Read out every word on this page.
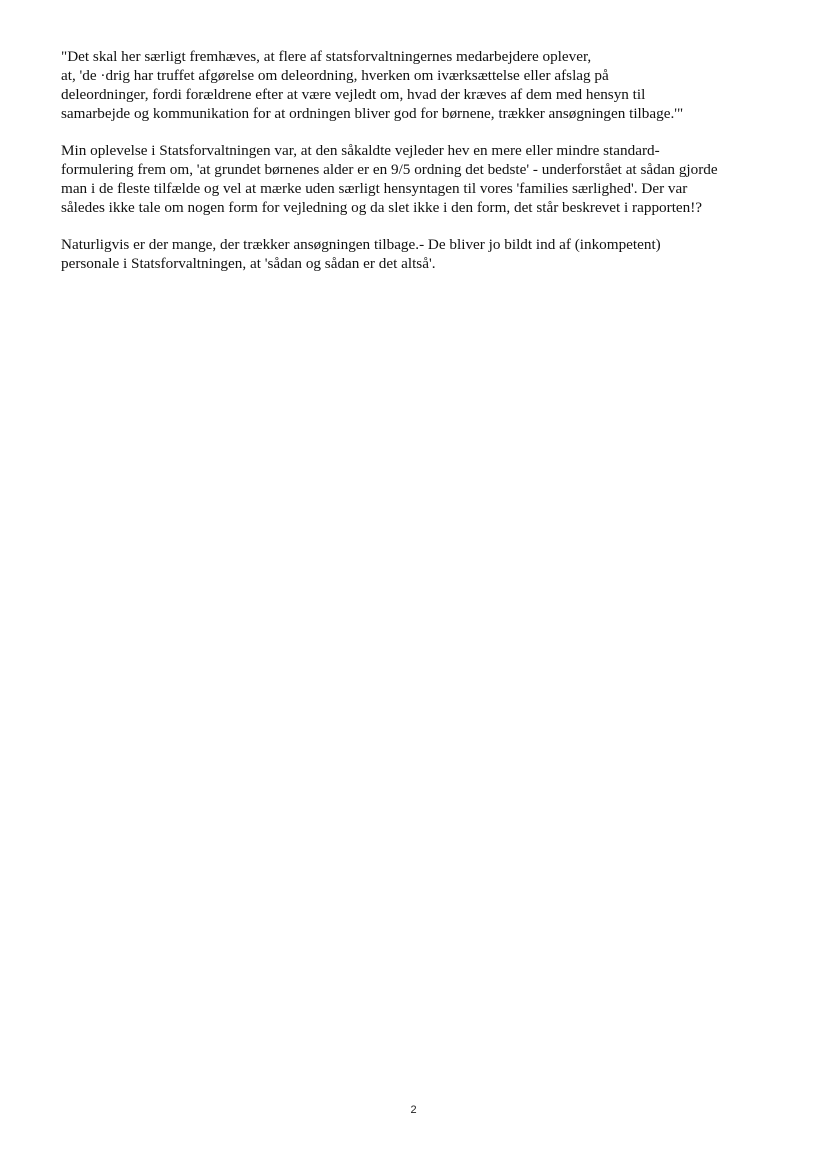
"Det skal her særligt fremhæves, at flere af statsforvaltningernes medarbejdere oplever,
at, 'de ·drig har truffet afgørelse om deleordning, hverken om iværksættelse eller afslag på
deleordninger, fordi forældrene efter at være vejledt om, hvad der kræves af dem med hensyn til
samarbejde og kommunikation for at ordningen bliver god for børnene, trækker ansøgningen tilbage.'"

Min oplevelse i Statsforvaltningen var, at den såkaldte vejleder hev en mere eller mindre standard-
formulering frem om, 'at grundet børnenes alder er en 9/5 ordning det bedste' - underforstået at sådan gjorde
man i de fleste tilfælde og vel at mærke uden særligt hensyntagen til vores 'families særlighed'. Der var
således ikke tale om nogen form for vejledning og da slet ikke i den form, det står beskrevet i rapporten!?

Naturligvis er der mange, der trækker ansøgningen tilbage.- De bliver jo bildt ind af (inkompetent)
personale i Statsforvaltningen, at 'sådan og sådan er det altså'.

2
